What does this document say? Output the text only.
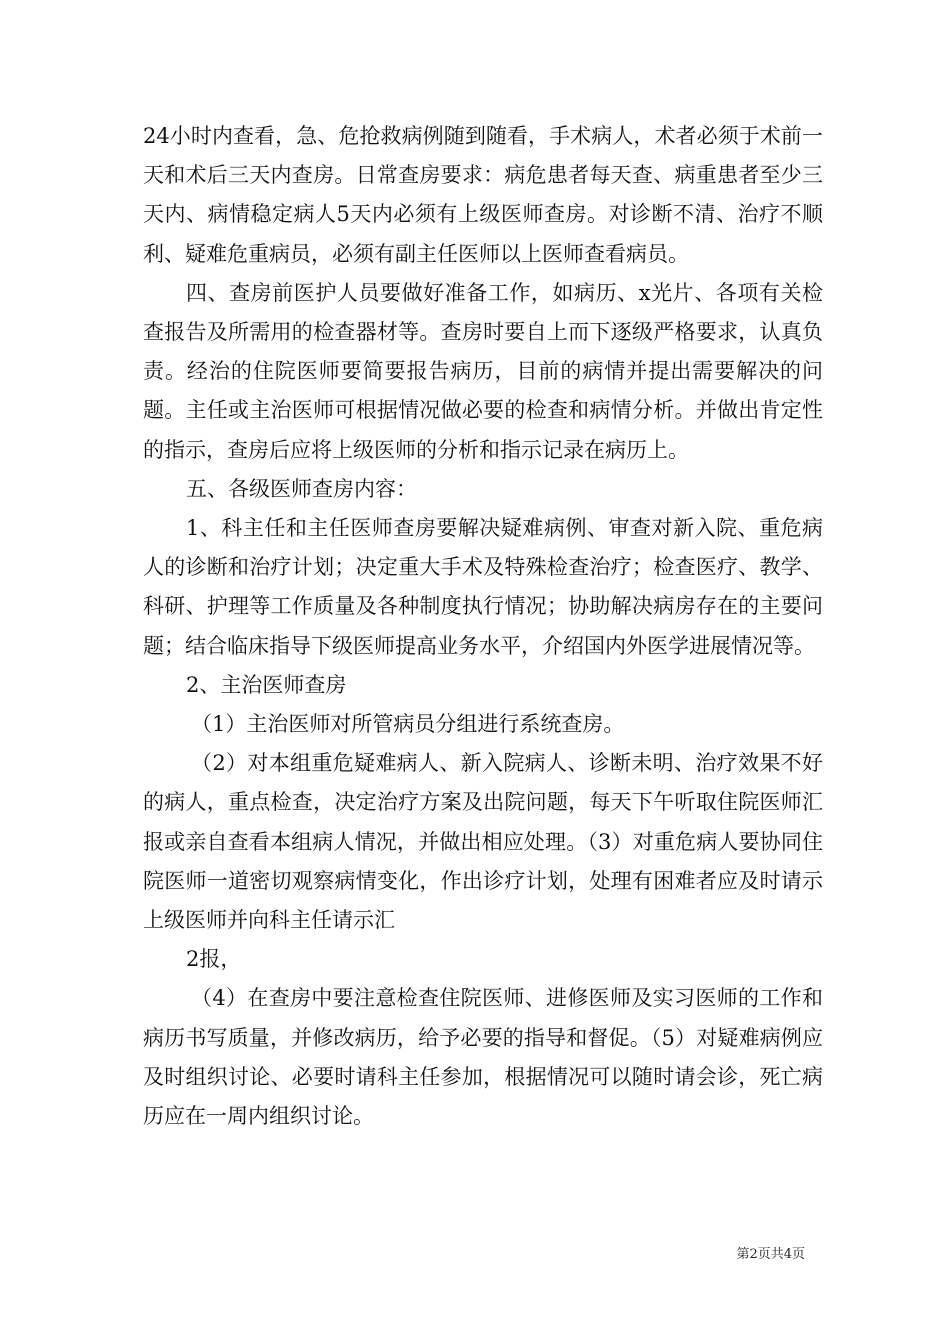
24小时内查看，急、危抢救病例随到随看，手术病人，术者必须于术前一天和术后三天内查房。日常查房要求：病危患者每天查、病重患者至少三天内、病情稳定病人5天内必须有上级医师查房。对诊断不清、治疗不顺利、疑难危重病员，必须有副主任医师以上医师查看病员。

四、查房前医护人员要做好准备工作，如病历、x光片、各项有关检查报告及所需用的检查器材等。查房时要自上而下逐级严格要求，认真负责。经治的住院医师要简要报告病历，目前的病情并提出需要解决的问题。主任或主治医师可根据情况做必要的检查和病情分析。并做出肯定性的指示，查房后应将上级医师的分析和指示记录在病历上。

五、各级医师查房内容：

1、科主任和主任医师查房要解决疑难病例、审查对新入院、重危病人的诊断和治疗计划；决定重大手术及特殊检查治疗；检查医疗、教学、科研、护理等工作质量及各种制度执行情况；协助解决病房存在的主要问题；结合临床指导下级医师提高业务水平，介绍国内外医学进展情况等。

2、主治医师查房

（1）主治医师对所管病员分组进行系统查房。

（2）对本组重危疑难病人、新入院病人、诊断未明、治疗效果不好的病人，重点检查，决定治疗方案及出院问题，每天下午听取住院医师汇报或亲自查看本组病人情况，并做出相应处理。（3）对重危病人要协同住院医师一道密切观察病情变化，作出诊疗计划，处理有困难者应及时请示上级医师并向科主任请示汇

2报，

（4）在查房中要注意检查住院医师、进修医师及实习医师的工作和病历书写质量，并修改病历，给予必要的指导和督促。（5）对疑难病例应及时组织讨论、必要时请科主任参加，根据情况可以随时请会诊，死亡病历应在一周内组织讨论。

第2页共4页
